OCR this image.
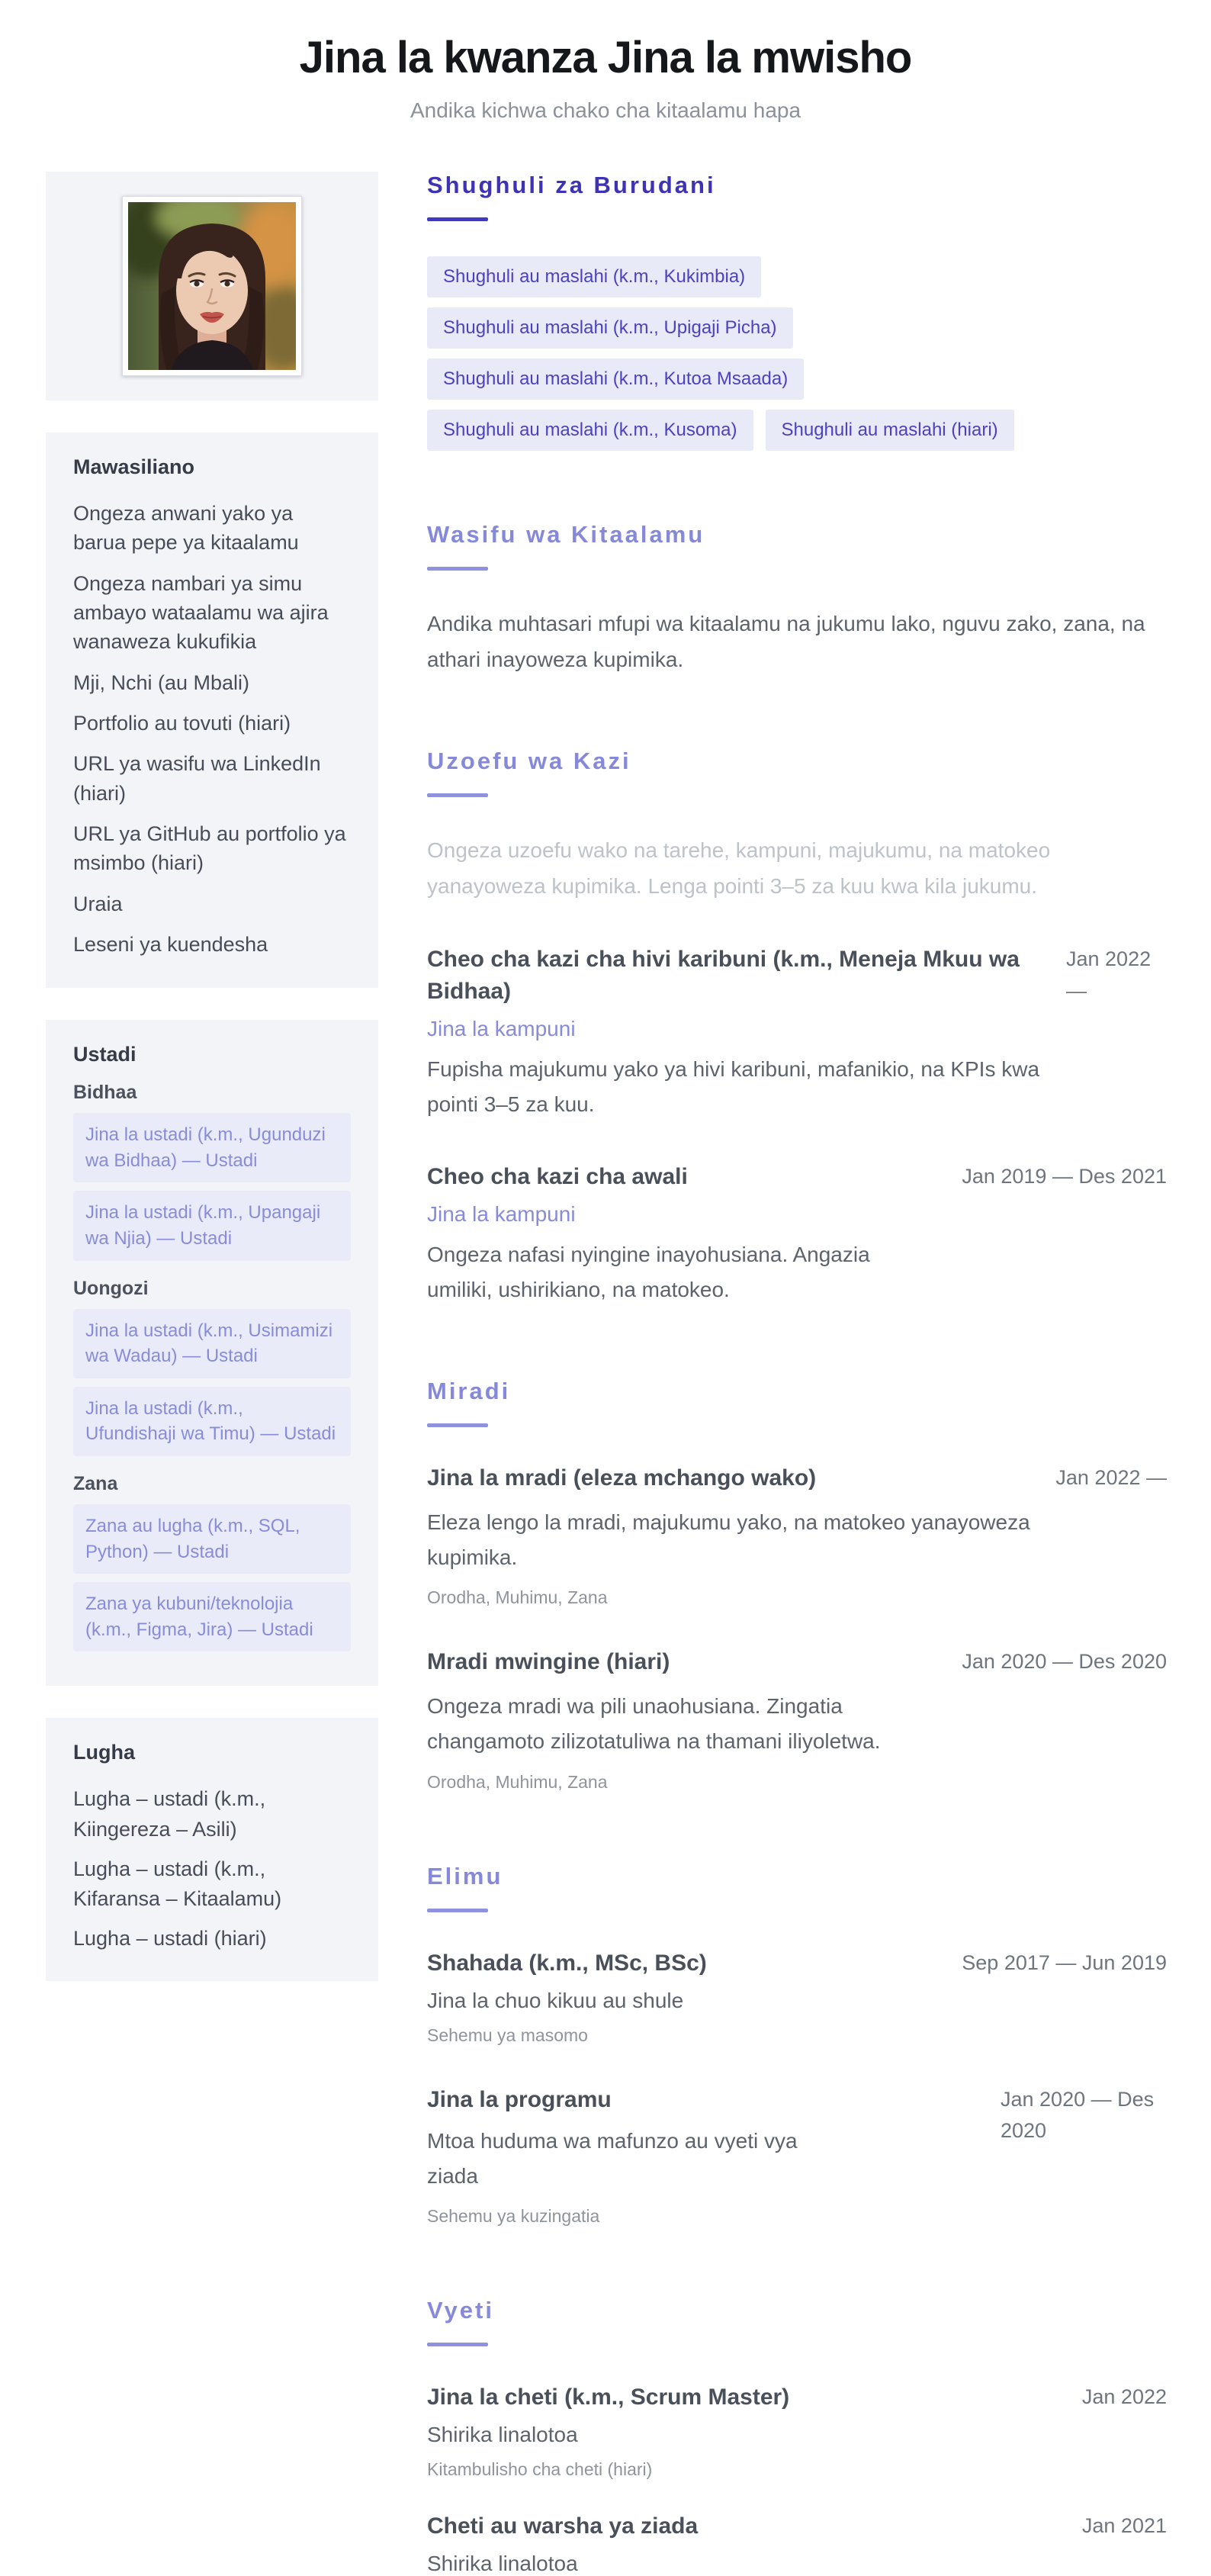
Jina la kwanza Jina la mwisho
Andika kichwa chako cha kitaalamu hapa
Mawasiliano
Ongeza anwani yako ya barua pepe ya kitaalamu
Ongeza nambari ya simu ambayo wataalamu wa ajira wanaweza kukufikia
Mji, Nchi (au Mbali)
Portfolio au tovuti (hiari)
URL ya wasifu wa LinkedIn (hiari)
URL ya GitHub au portfolio ya msimbo (hiari)
Uraia
Leseni ya kuendesha
Ustadi
Bidhaa
Jina la ustadi (k.m., Ugunduzi wa Bidhaa) — Ustadi
Jina la ustadi (k.m., Upangaji wa Njia) — Ustadi
Uongozi
Jina la ustadi (k.m., Usimamizi wa Wadau) — Ustadi
Jina la ustadi (k.m., Ufundishaji wa Timu) — Ustadi
Zana
Zana au lugha (k.m., SQL, Python) — Ustadi
Zana ya kubuni/teknolojia (k.m., Figma, Jira) — Ustadi
Lugha
Lugha – ustadi (k.m., Kiingereza – Asili)
Lugha – ustadi (k.m., Kifaransa – Kitaalamu)
Lugha – ustadi (hiari)
Shughuli za Burudani
Shughuli au maslahi (k.m., Kukimbia)
Shughuli au maslahi (k.m., Upigaji Picha)
Shughuli au maslahi (k.m., Kutoa Msaada)
Shughuli au maslahi (k.m., Kusoma)	Shughuli au maslahi (hiari)
Wasifu wa Kitaalamu

Andika muhtasari mfupi wa kitaalamu na jukumu lako, nguvu zako, zana, na athari inayoweza kupimika.

Uzoefu wa Kazi

Ongeza uzoefu wako na tarehe, kampuni, majukumu, na matokeo yanayoweza kupimika. Lenga pointi 3–5 za kuu kwa kila jukumu.

Cheo cha kazi cha hivi karibuni (k.m., Meneja Mkuu wa Bidhaa)
Jina la kampuni
Fupisha majukumu yako ya hivi karibuni, mafanikio, na KPIs kwa pointi 3–5 za kuu.
Jan 2022 —
Cheo cha kazi cha awali
Jina la kampuni
Ongeza nafasi nyingine inayohusiana. Angazia umiliki, ushirikiano, na matokeo.
Jan 2019 — Des 2021
Miradi
Jina la mradi (eleza mchango wako)
Eleza lengo la mradi, majukumu yako, na matokeo yanayoweza kupimika.
Orodha, Muhimu, Zana
Jan 2022 —
Mradi mwingine (hiari)
Ongeza mradi wa pili unaohusiana. Zingatia changamoto zilizotatuliwa na thamani iliyoletwa.
Orodha, Muhimu, Zana
Jan 2020 — Des 2020
Elimu
Shahada (k.m., MSc, BSc)
Jina la chuo kikuu au shule
Sehemu ya masomo
Sep 2017 — Jun 2019
Jina la programu
Mtoa huduma wa mafunzo au vyeti vya ziada
Sehemu ya kuzingatia
Jan 2020 — Des 2020
Vyeti
Jina la cheti (k.m., Scrum Master)
Shirika linalotoa
Kitambulisho cha cheti (hiari)
Jan 2022
Cheti au warsha ya ziada
Shirika linalotoa
Jan 2021
